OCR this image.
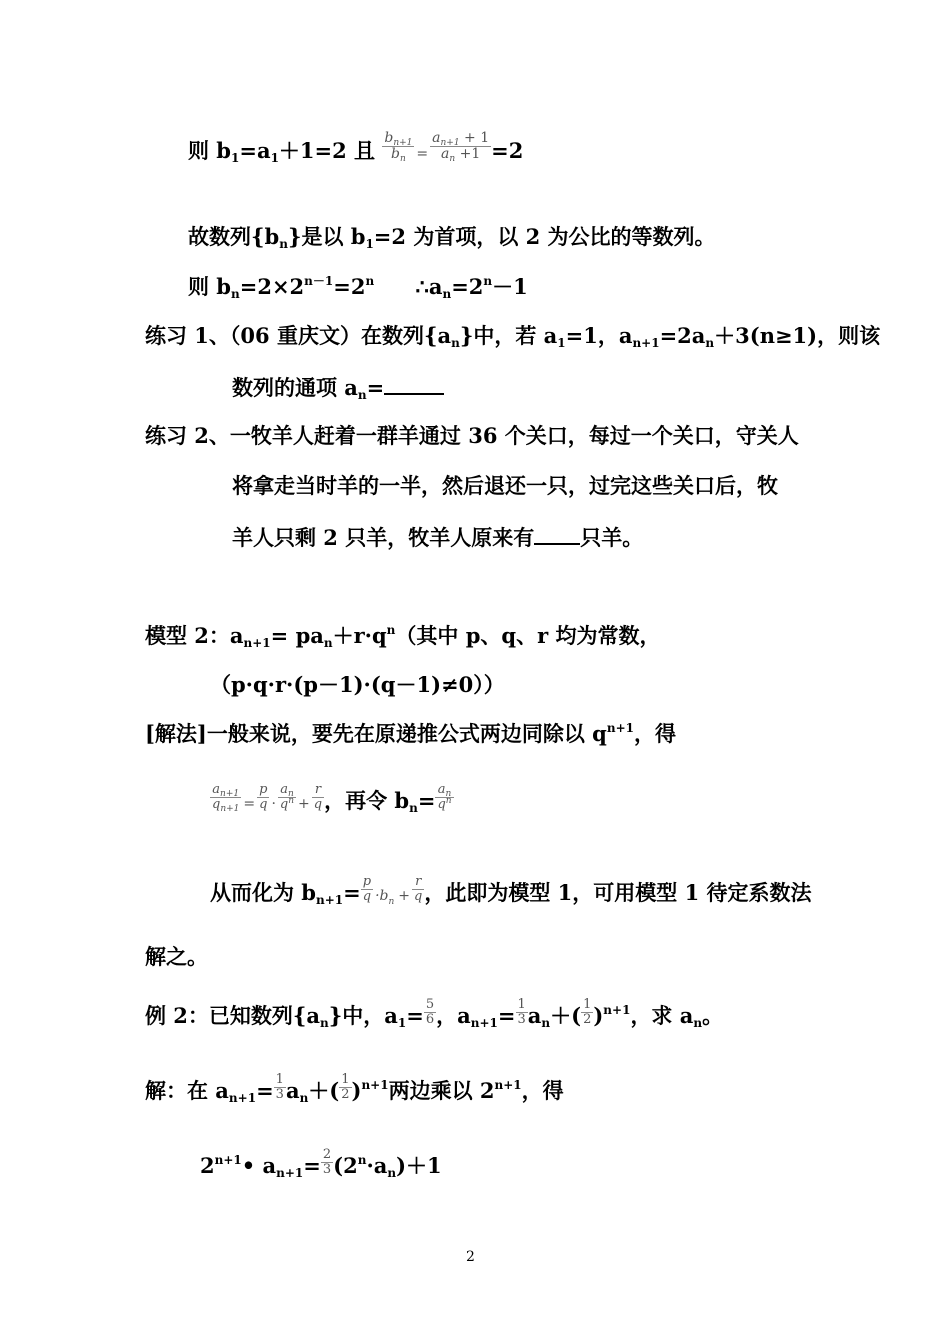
则 $b_1=a_1+1=2$ 且 $\frac{b_{n+1}}{b_n} = \frac{a_{n+1} + 1}{a_n +1} =2$
故数列$\{b_n\}$是以 $b_1=2$ 为首项，以 2 为公比的等数列。
则 $b_n=2\times 2^{n-1}=2^n$ $\therefore a_n=2^n-1$
练习 1、（06 重庆文）在数列$\{a_n\}$中，若 $a_1=1$，$a_{n+1}=2a_n+3(n\ge 1)$，则该
数列的通项 $a_n=$
练习 2、一牧羊人赶着一群羊通过 36 个关口，每过一个关口，守关人
将拿走当时羊的一半，然后退还一只，过完这些关口后，牧
羊人只剩 2 只羊，牧羊人原来有 只羊。
模型 2：$a_{n+1}= pa_n+r\cdot q^n$（其中 p、q、r 均为常数，
（p·q·r·(p－1)·(q－1)≠0））
[解法]一般来说，要先在原递推公式两边同除以 $q^{n+1}$，得
$\frac{a_{n+1}}{q_{n+1}} = \frac{p}{q} \cdot \frac{a_n}{q^n} + \frac{r}{q}$ ，再令 $b_n= \frac{a_n}{q^n}$
从而化为 $b_{n+1}= \frac{p}{q} \cdot b_n + \frac{r}{q}$ ，此即为模型 1，可用模型 1 待定系数法
解之。
例 2：已知数列$\{a_n\}$中，$a_1= \frac{5}{6}$ ，$a_{n+1}= \frac{1}{3} a_n+( \frac{1}{2} )^{n+1}$，求 $a_n$。
解：在 $a_{n+1}= \frac{1}{3} a_n+( \frac{1}{2} )^{n+1}$两边乘以 $2^{n+1}$，得
$2^{n+1}•$ $a_{n+1}= \frac{2}{3} (2^n\cdot a_n)+1$
2
